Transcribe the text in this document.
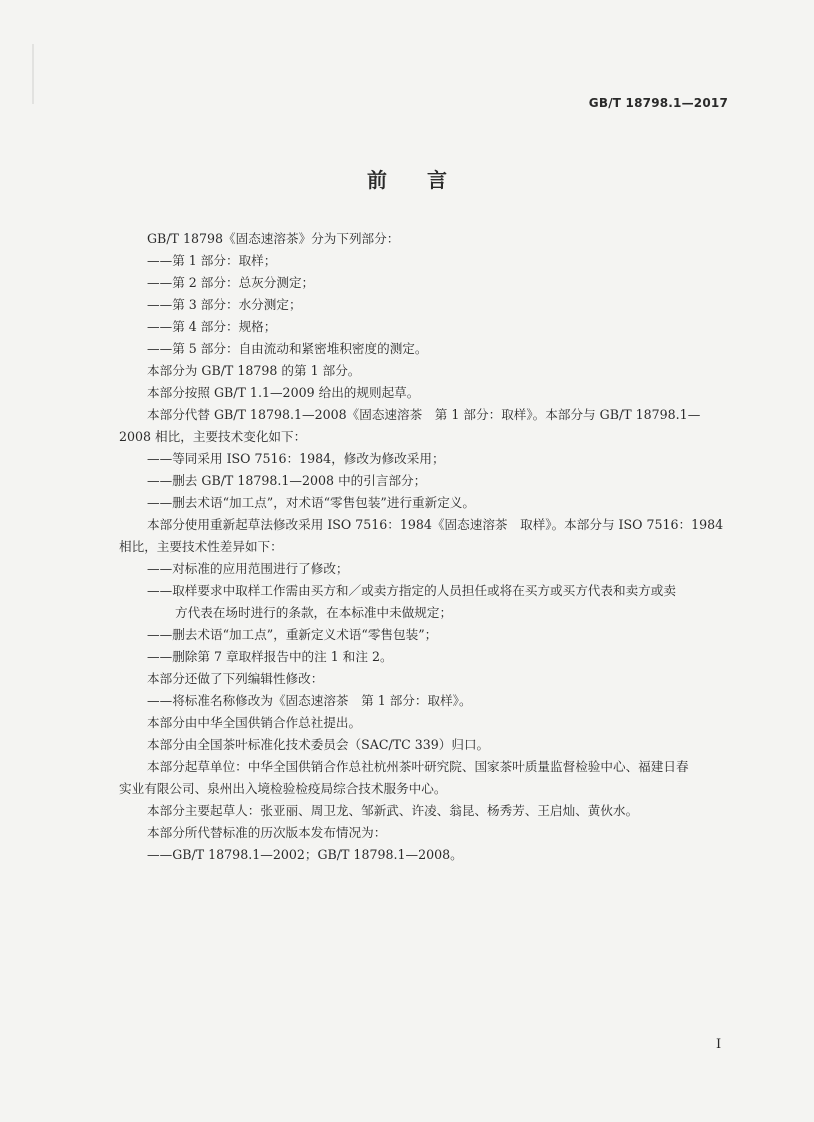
GB/T 18798.1—2017
前 言
GB/T 18798《固态速溶茶》分为下列部分：
——第 1 部分：取样；
——第 2 部分：总灰分测定；
——第 3 部分：水分测定；
——第 4 部分：规格；
——第 5 部分：自由流动和紧密堆积密度的测定。
本部分为 GB/T 18798 的第 1 部分。
本部分按照 GB/T 1.1—2009 给出的规则起草。
本部分代替 GB/T 18798.1—2008《固态速溶茶　第 1 部分：取样》。本部分与 GB/T 18798.1—
2008 相比，主要技术变化如下：
——等同采用 ISO 7516：1984，修改为修改采用；
——删去 GB/T 18798.1—2008 中的引言部分；
——删去术语“加工点”，对术语“零售包装”进行重新定义。
本部分使用重新起草法修改采用 ISO 7516：1984《固态速溶茶　取样》。本部分与 ISO 7516：1984
相比，主要技术性差异如下：
——对标准的应用范围进行了修改；
——取样要求中取样工作需由买方和／或卖方指定的人员担任或将在买方或买方代表和卖方或卖
方代表在场时进行的条款，在本标准中未做规定；
——删去术语“加工点”，重新定义术语“零售包装”；
——删除第 7 章取样报告中的注 1 和注 2。
本部分还做了下列编辑性修改：
——将标准名称修改为《固态速溶茶　第 1 部分：取样》。
本部分由中华全国供销合作总社提出。
本部分由全国茶叶标准化技术委员会（SAC/TC 339）归口。
本部分起草单位：中华全国供销合作总社杭州茶叶研究院、国家茶叶质量监督检验中心、福建日春
实业有限公司、泉州出入境检验检疫局综合技术服务中心。
本部分主要起草人：张亚丽、周卫龙、邹新武、许凌、翁昆、杨秀芳、王启灿、黄伙水。
本部分所代替标准的历次版本发布情况为：
——GB/T 18798.1—2002；GB/T 18798.1—2008。
I
